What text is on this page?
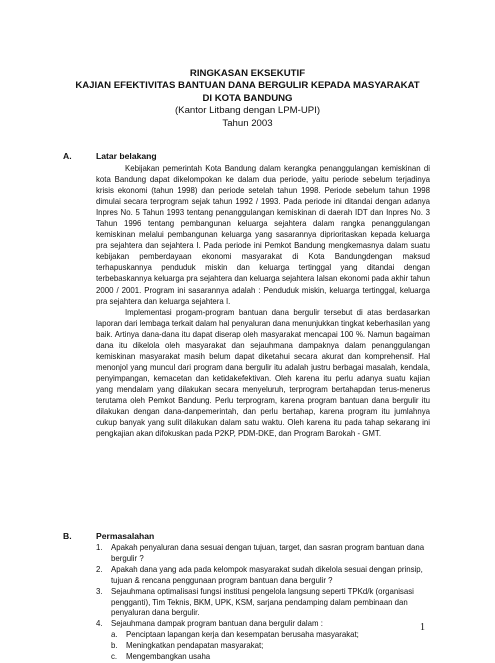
RINGKASAN EKSEKUTIF
KAJIAN EFEKTIVITAS BANTUAN DANA BERGULIR KEPADA MASYARAKAT
DI KOTA BANDUNG
(Kantor Litbang dengan LPM-UPI)
Tahun 2003
A.	Latar belakang
Kebijakan pemerintah Kota Bandung dalam kerangka penanggulangan kemiskinan di kota Bandung dapat dikelompokan ke dalam dua periode, yaitu periode sebelum terjadinya krisis ekonomi (tahun 1998) dan periode setelah tahun 1998. Periode sebelum tahun 1998 dimulai secara terprogram sejak tahun 1992 / 1993. Pada periode ini ditandai dengan adanya Inpres No. 5 Tahun 1993 tentang penanggulangan kemiskinan di daerah IDT dan Inpres No. 3 Tahun 1996 tentang pembangunan keluarga sejahtera dalam rangka penanggulangan kemiskinan melalui pembangunan keluarga yang sasarannya diprioritaskan kepada keluarga pra sejahtera dan sejahtera I. Pada periode ini Pemkot Bandung mengkemasnya dalam suatu kebijakan pemberdayaan ekonomi masyarakat di Kota Bandungdengan maksud terhapuskannya penduduk miskin dan keluarga tertinggal yang ditandai dengan terbebaskannya keluarga pra sejahtera dan keluarga sejahtera Ialsan ekonomi pada akhir tahun 2000 / 2001. Program ini sasarannya adalah : Penduduk miskin, keluarga tertinggal, keluarga pra sejahtera dan keluarga sejahtera I.
Implementasi progam-program bantuan dana bergulir tersebut di atas berdasarkan laporan dari lembaga terkait dalam hal penyaluran dana menunjukkan tingkat keberhasilan yang baik. Artinya dana-dana itu dapat diserap oleh masyarakat mencapai 100 %. Namun bagaiman dana itu dikelola oleh masyarakat dan sejauhmana dampaknya dalam penanggulangan kemiskinan masyarakat masih belum dapat diketahui secara akurat dan komprehensif. Hal menonjol yang muncul dari program dana bergulir itu adalah justru berbagai masalah, kendala, penyimpangan, kemacetan dan ketidakefektivan. Oleh karena itu perlu adanya suatu kajian yang mendalam yang dilakukan secara menyeluruh, terprogram bertahapdan terus-menerus terutama oleh Pemkot Bandung. Perlu terprogram, karena program bantuan dana bergulir itu dilakukan dengan dana-danpemerintah, dan perlu bertahap, karena program itu jumlahnya cukup banyak yang sulit dilakukan dalam satu waktu. Oleh karena itu pada tahap sekarang ini pengkajian akan difokuskan pada P2KP, PDM-DKE, dan Program Barokah - GMT.
B.	Permasalahan
1. Apakah penyaluran dana sesuai dengan tujuan, target, dan sasran program bantuan dana bergulir ?
2. Apakah dana yang ada pada kelompok masyarakat sudah dikelola sesuai dengan prinsip, tujuan & rencana penggunaan program bantuan dana bergulir ?
3. Sejauhmana optimalisasi fungsi institusi pengelola langsung seperti TPKd/k (organisasi pengganti), Tim Teknis, BKM, UPK, KSM, sarjana pendamping dalam pembinaan dan penyaluran dana bergulir.
4. Sejauhmana dampak program bantuan dana bergulir dalam :
a. Penciptaan lapangan kerja dan kesempatan berusaha masyarakat;
b. Meningkatkan pendapatan masyarakat;
c. Mengembangkan usaha
1
